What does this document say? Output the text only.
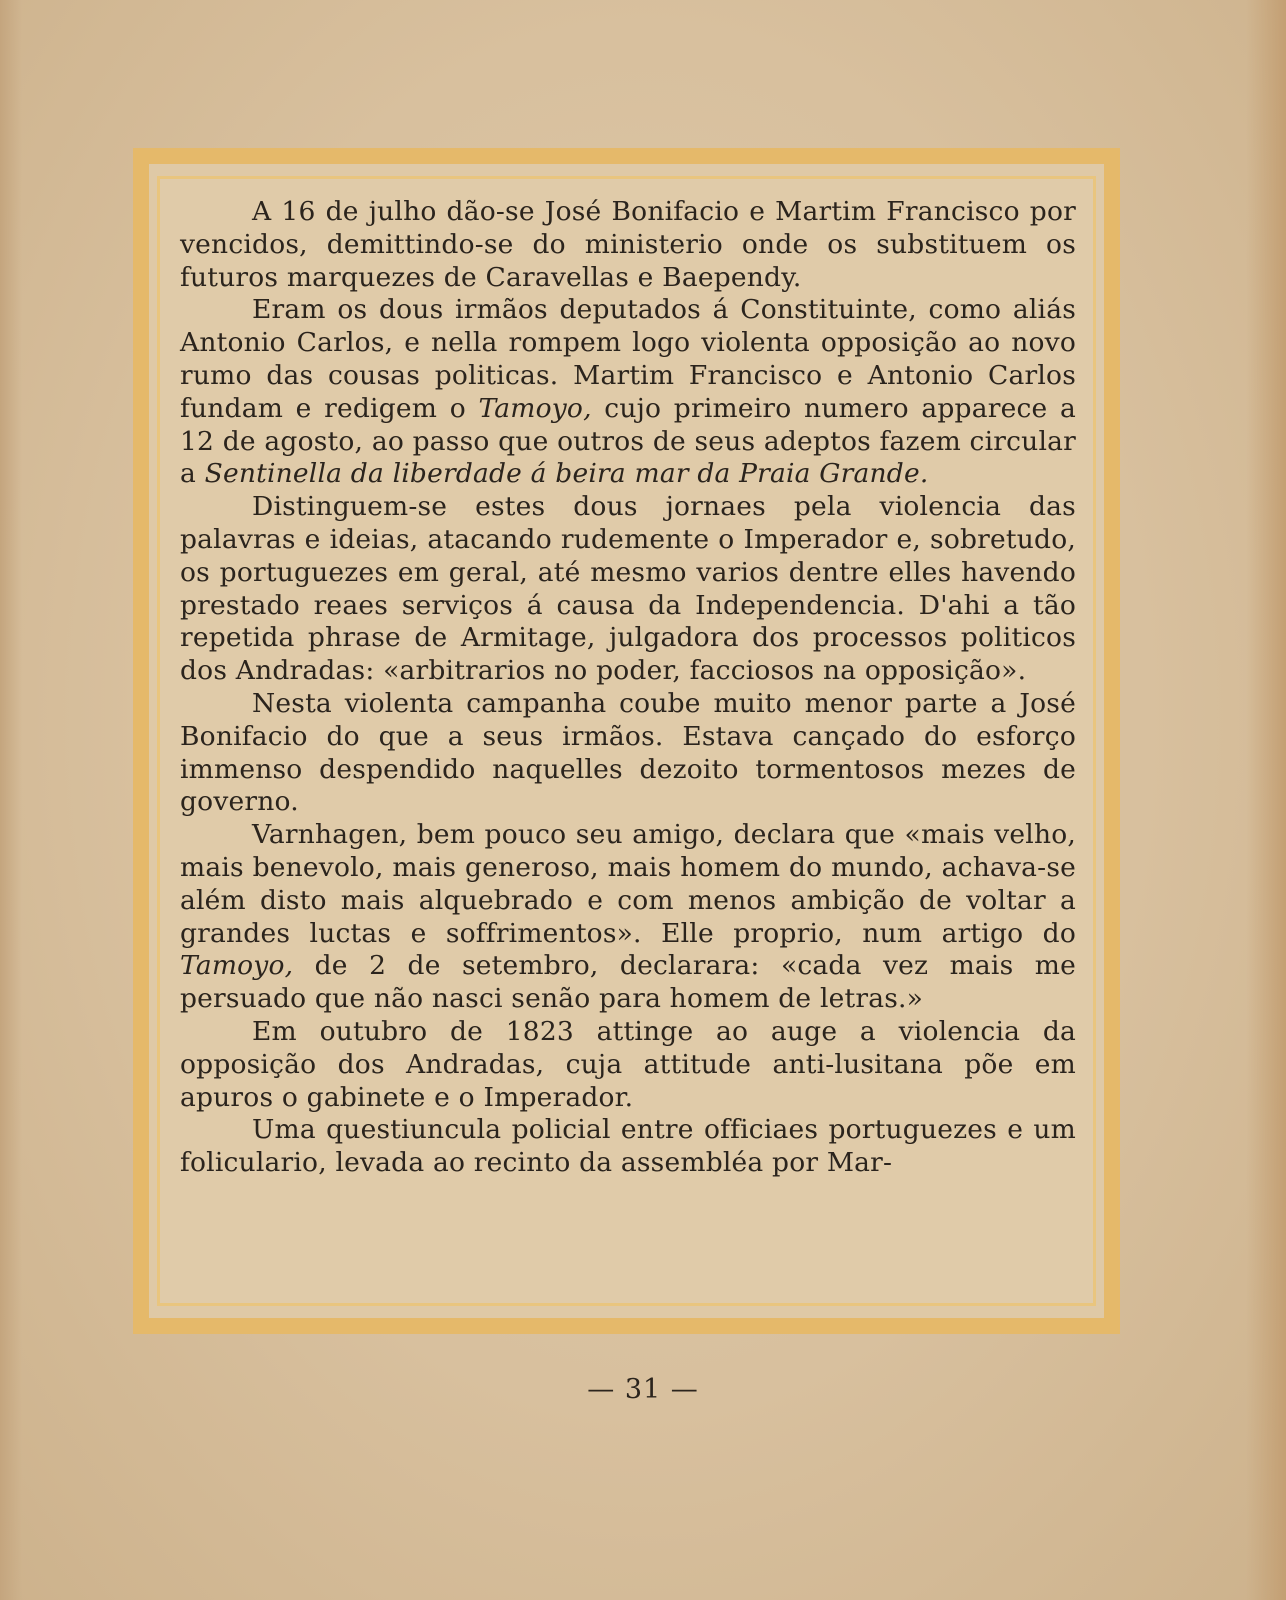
A 16 de julho dão-se José Bonifacio e Martim Francisco por vencidos, demittindo-se do ministerio onde os substituem os futuros marquezes de Caravellas e Baependy.

Eram os dous irmãos deputados á Constituinte, como aliás Antonio Carlos, e nella rompem logo violenta opposição ao novo rumo das cousas politicas. Martim Francisco e Antonio Carlos fundam e redigem o Tamoyo, cujo primeiro numero apparece a 12 de agosto, ao passo que outros de seus adeptos fazem circular a Sentinella da liberdade á beira mar da Praia Grande.

Distinguem-se estes dous jornaes pela violencia das palavras e ideias, atacando rudemente o Imperador e, sobretudo, os portuguezes em geral, até mesmo varios dentre elles havendo prestado reaes serviços á causa da Independencia. D'ahi a tão repetida phrase de Armitage, julgadora dos processos politicos dos Andradas: «arbitrarios no poder, facciosos na opposição».

Nesta violenta campanha coube muito menor parte a José Bonifacio do que a seus irmãos. Estava cançado do esforço immenso despendido naquelles dezoito tormentosos mezes de governo.

Varnhagen, bem pouco seu amigo, declara que «mais velho, mais benevolo, mais generoso, mais homem do mundo, achava-se além disto mais alquebrado e com menos ambição de voltar a grandes luctas e soffrimentos». Elle proprio, num artigo do Tamoyo, de 2 de setembro, declarara: «cada vez mais me persuado que não nasci senão para homem de letras.»

Em outubro de 1823 attinge ao auge a violencia da opposição dos Andradas, cuja attitude anti-lusitana põe em apuros o gabinete e o Imperador.

Uma questiuncula policial entre officiaes portuguezes e um foliculario, levada ao recinto da assembléa por Mar-

— 31 —
